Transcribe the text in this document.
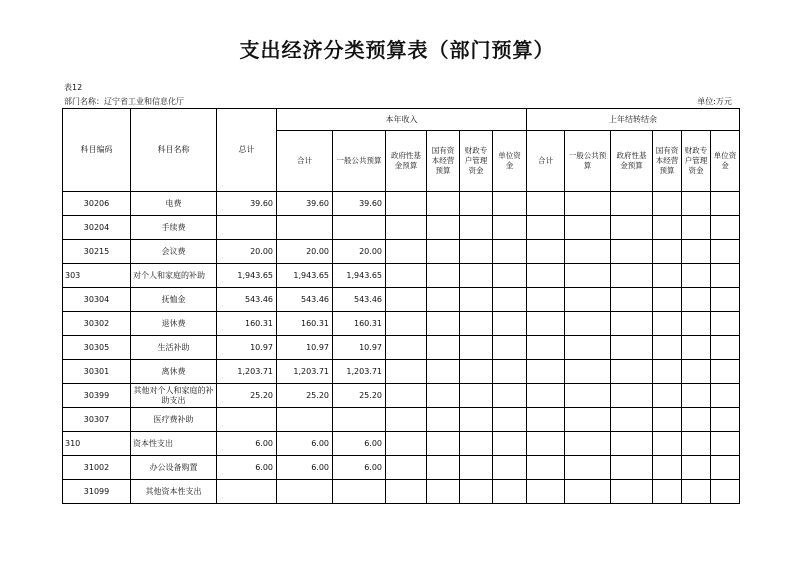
支出经济分类预算表（部门预算）
表12
部门名称：辽宁省工业和信息化厅	单位:万元
科目编码	科目名称	总计	本年收入						上年结转结余					
			合计	一般公共预算	政府性基金预算	国有资本经营预算	财政专户管理资金	单位资金	合计	一般公共预算	政府性基金预算	国有资本经营预算	财政专户管理资金	单位资金
30206	电费	39.60	39.60	39.60										
30204	手续费													
30215	会议费	20.00	20.00	20.00										
303	对个人和家庭的补助	1,943.65	1,943.65	1,943.65										
30304	抚恤金	543.46	543.46	543.46										
30302	退休费	160.31	160.31	160.31										
30305	生活补助	10.97	10.97	10.97										
30301	离休费	1,203.71	1,203.71	1,203.71										
30399	其他对个人和家庭的补助支出	25.20	25.20	25.20										
30307	医疗费补助													
310	资本性支出	6.00	6.00	6.00										
31002	办公设备购置	6.00	6.00	6.00										
31099	其他资本性支出													
